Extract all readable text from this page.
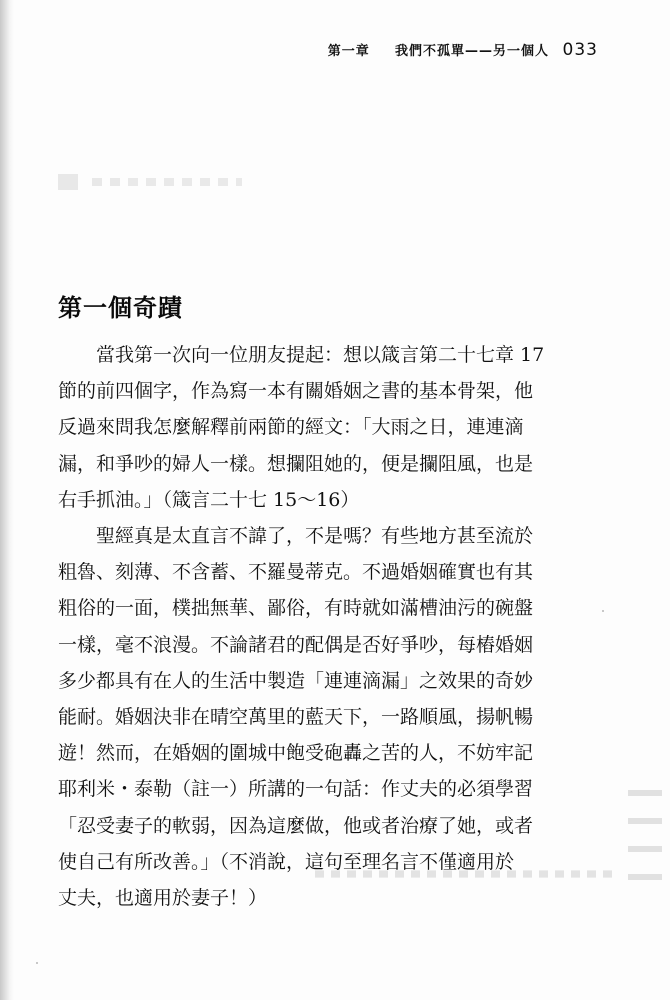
第一章 我們不孤單——另一個人 033
第一個奇蹟
當我第一次向一位朋友提起：想以箴言第二十七章 17
節的前四個字，作為寫一本有關婚姻之書的基本骨架，他
反過來問我怎麼解釋前兩節的經文：「大雨之日，連連滴
漏，和爭吵的婦人一樣。想攔阻她的，便是攔阻風，也是
右手抓油。」（箴言二十七 15～16）
聖經真是太直言不諱了，不是嗎？有些地方甚至流於
粗魯、刻薄、不含蓄、不羅曼蒂克。不過婚姻確實也有其
粗俗的一面，樸拙無華、鄙俗，有時就如滿槽油污的碗盤
一樣，毫不浪漫。不論諸君的配偶是否好爭吵，每樁婚姻
多少都具有在人的生活中製造「連連滴漏」之效果的奇妙
能耐。婚姻決非在晴空萬里的藍天下，一路順風，揚帆暢
遊！然而，在婚姻的圍城中飽受砲轟之苦的人，不妨牢記
耶利米・泰勒（註一）所講的一句話：作丈夫的必須學習
「忍受妻子的軟弱，因為這麼做，他或者治療了她，或者
使自己有所改善。」（不消說，這句至理名言不僅適用於
丈夫，也適用於妻子！）
